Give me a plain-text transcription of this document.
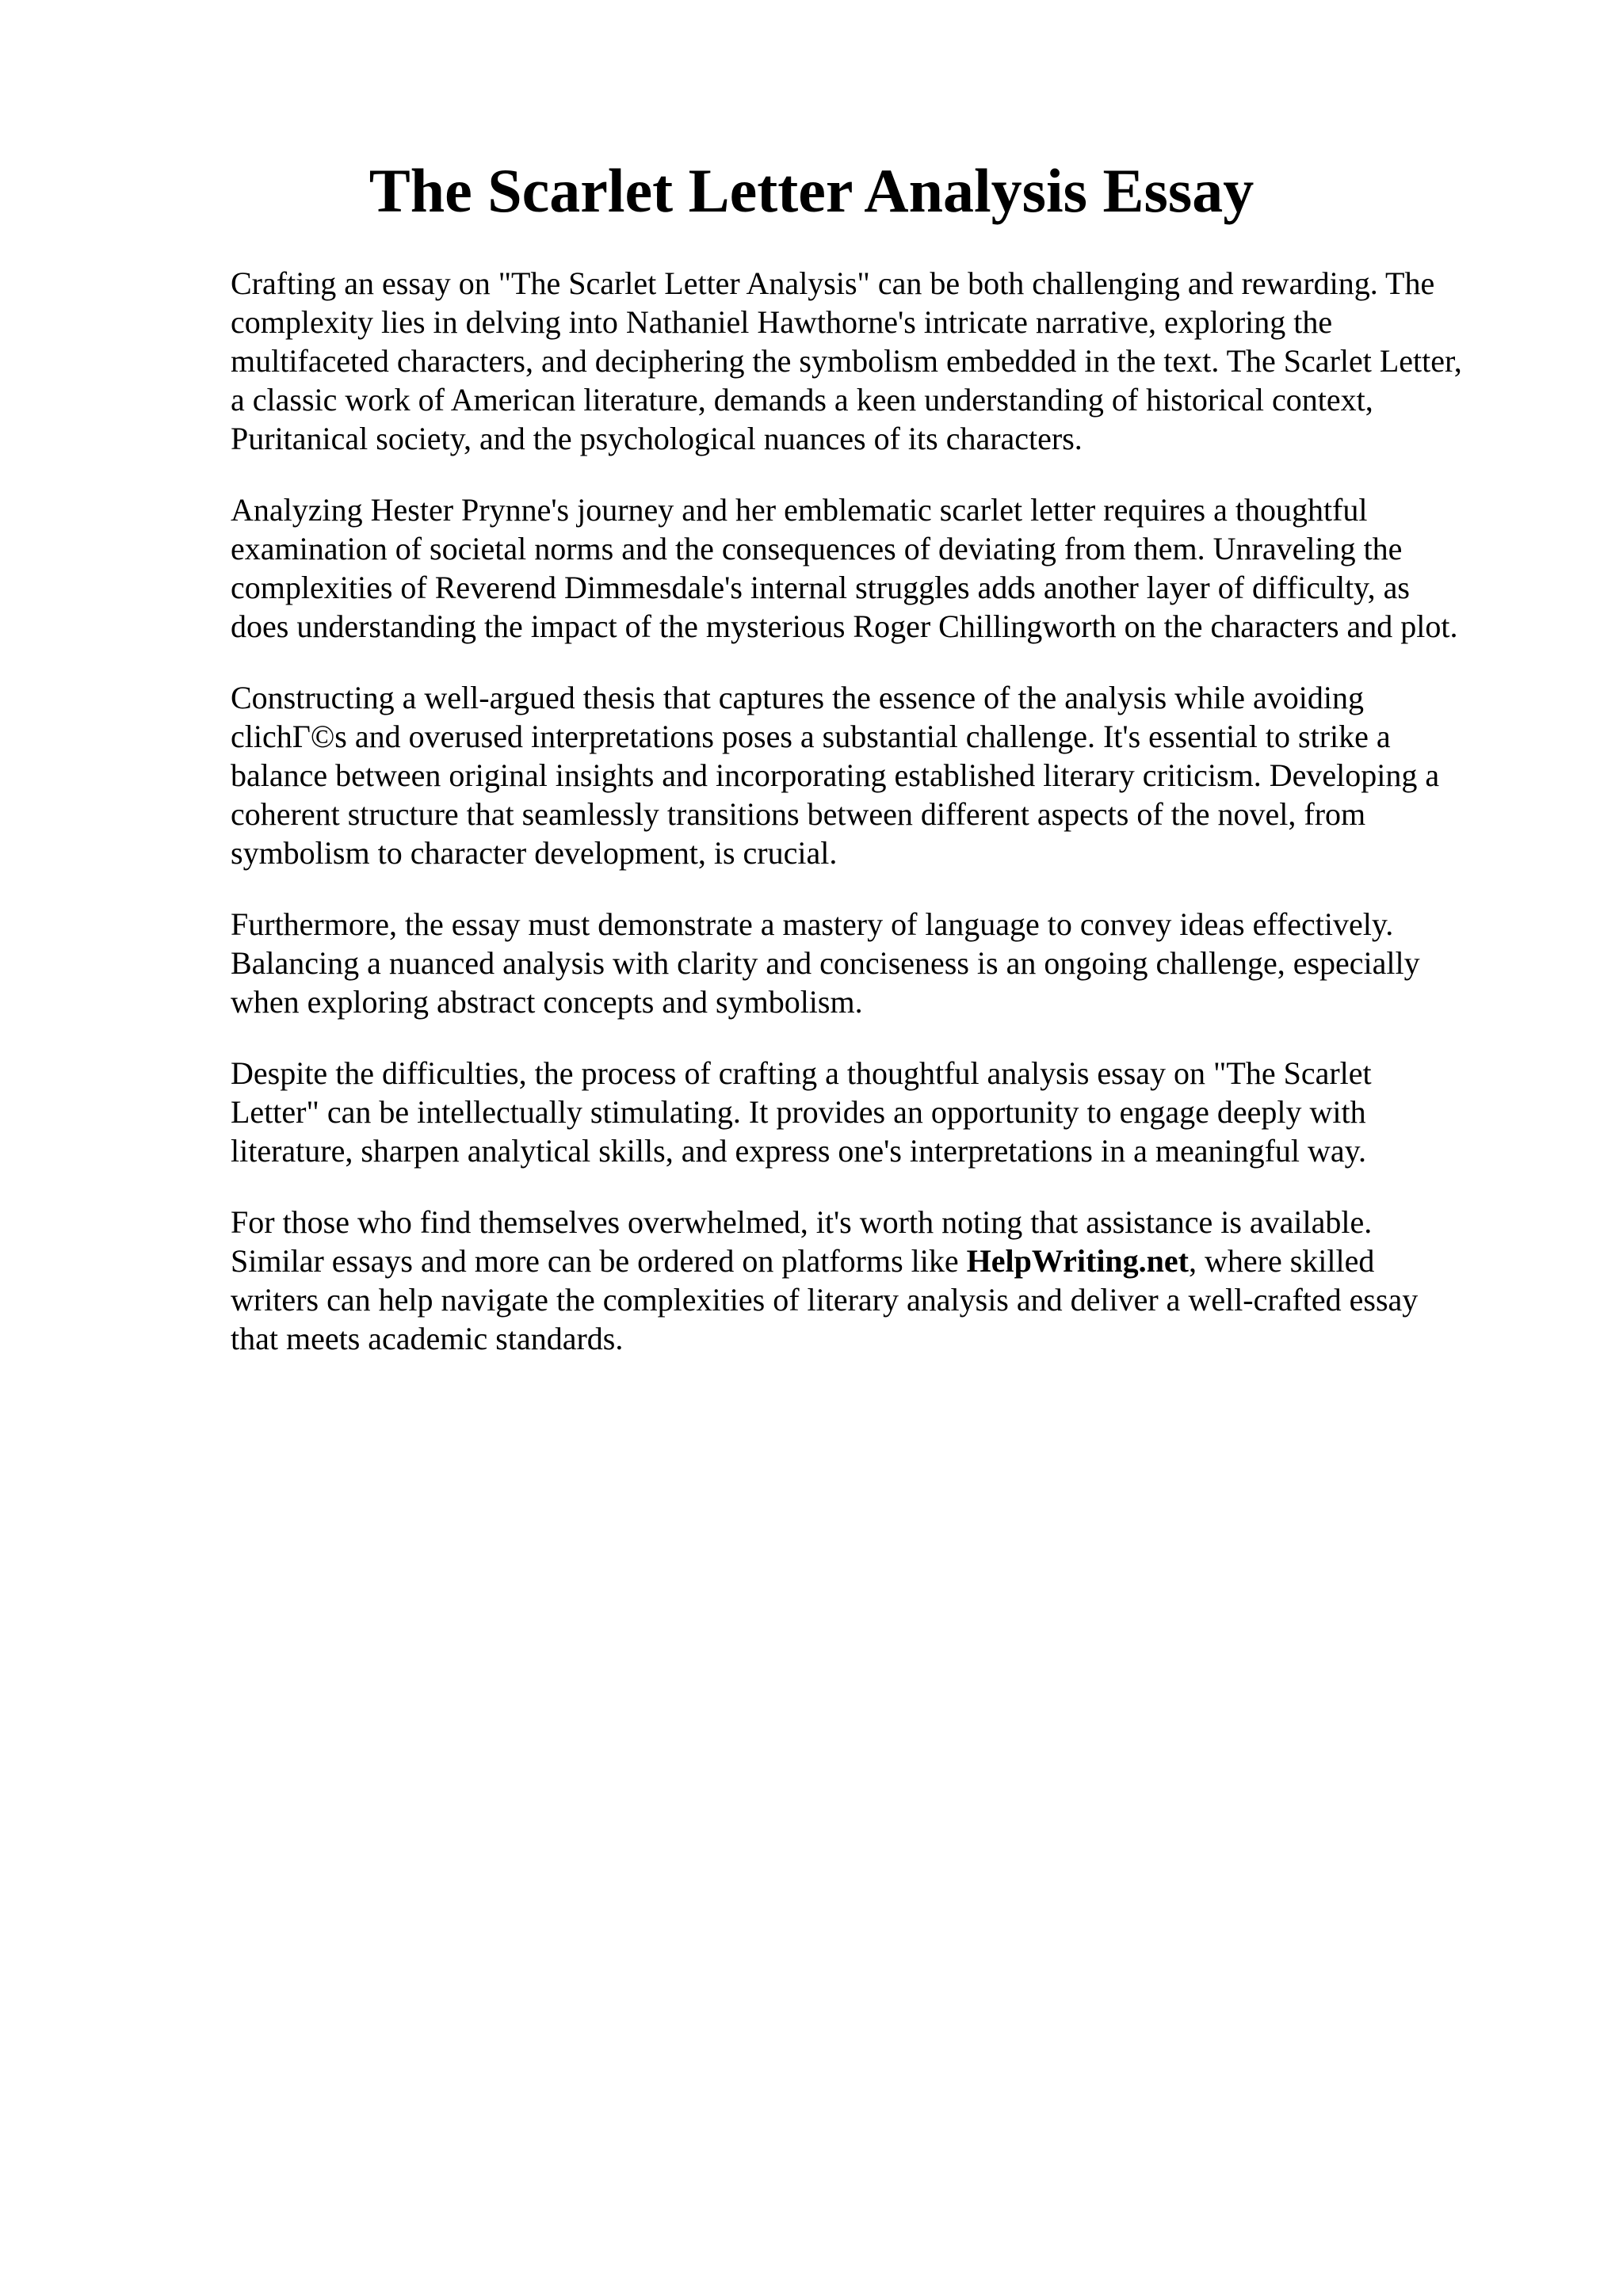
The Scarlet Letter Analysis Essay

Crafting an essay on "The Scarlet Letter Analysis" can be both challenging and rewarding. The
complexity lies in delving into Nathaniel Hawthorne's intricate narrative, exploring the
multifaceted characters, and deciphering the symbolism embedded in the text. The Scarlet Letter,
a classic work of American literature, demands a keen understanding of historical context,
Puritanical society, and the psychological nuances of its characters.

Analyzing Hester Prynne's journey and her emblematic scarlet letter requires a thoughtful
examination of societal norms and the consequences of deviating from them. Unraveling the
complexities of Reverend Dimmesdale's internal struggles adds another layer of difficulty, as
does understanding the impact of the mysterious Roger Chillingworth on the characters and plot.

Constructing a well-argued thesis that captures the essence of the analysis while avoiding
clichГ©s and overused interpretations poses a substantial challenge. It's essential to strike a
balance between original insights and incorporating established literary criticism. Developing a
coherent structure that seamlessly transitions between different aspects of the novel, from
symbolism to character development, is crucial.

Furthermore, the essay must demonstrate a mastery of language to convey ideas effectively.
Balancing a nuanced analysis with clarity and conciseness is an ongoing challenge, especially
when exploring abstract concepts and symbolism.

Despite the difficulties, the process of crafting a thoughtful analysis essay on "The Scarlet
Letter" can be intellectually stimulating. It provides an opportunity to engage deeply with
literature, sharpen analytical skills, and express one's interpretations in a meaningful way.

For those who find themselves overwhelmed, it's worth noting that assistance is available.
Similar essays and more can be ordered on platforms like HelpWriting.net, where skilled
writers can help navigate the complexities of literary analysis and deliver a well-crafted essay
that meets academic standards.
